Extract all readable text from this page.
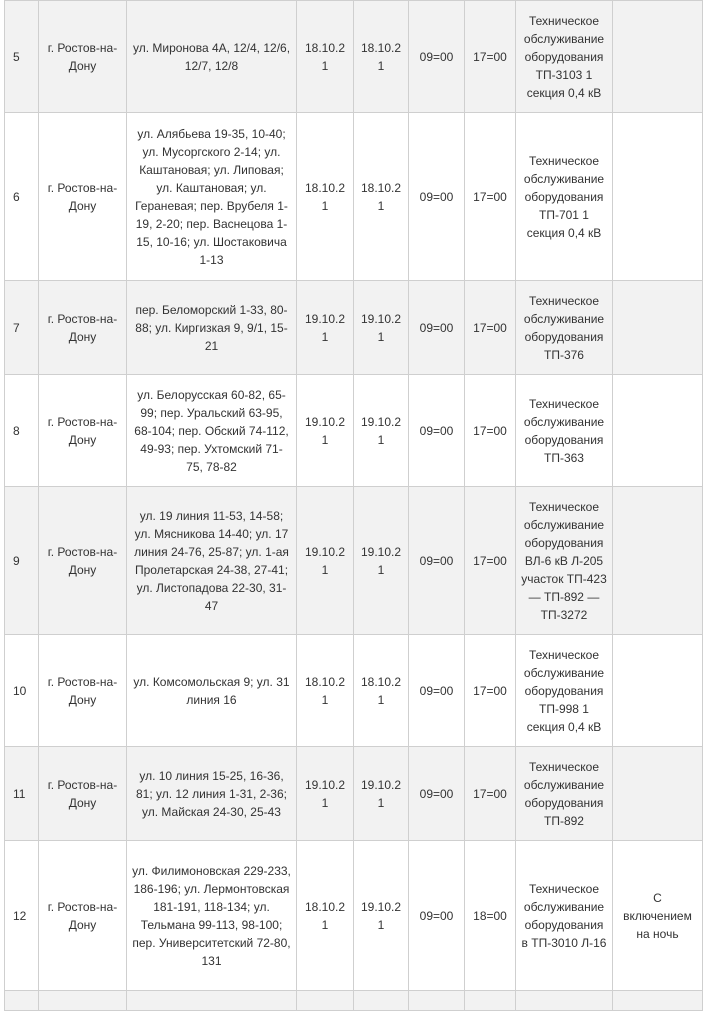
5	г. Ростов-на-Дону	ул. Миронова 4А, 12/4, 12/6, 12/7, 12/8	18.10.21	18.10.21	09=00	17=00	Техническое обслуживание оборудования ТП-3103 1 секция 0,4 кВ	
6	г. Ростов-на-Дону	ул. Алябьева 19-35, 10-40; ул. Мусоргского 2-14; ул. Каштановая; ул. Липовая; ул. Каштановая; ул. Гераневая; пер. Врубеля 1-19, 2-20; пер. Васнецова 1-15, 10-16; ул. Шостаковича 1-13	18.10.21	18.10.21	09=00	17=00	Техническое обслуживание оборудования ТП-701 1 секция 0,4 кВ	
7	г. Ростов-на-Дону	пер. Беломорский 1-33, 80-88; ул. Киргизкая 9, 9/1, 15-21	19.10.21	19.10.21	09=00	17=00	Техническое обслуживание оборудования ТП-376	
8	г. Ростов-на-Дону	ул. Белорусская 60-82, 65-99; пер. Уральский 63-95, 68-104; пер. Обский 74-112, 49-93; пер. Ухтомский 71-75, 78-82	19.10.21	19.10.21	09=00	17=00	Техническое обслуживание оборудования ТП-363	
9	г. Ростов-на-Дону	ул. 19 линия 11-53, 14-58; ул. Мясникова 14-40; ул. 17 линия 24-76, 25-87; ул. 1-ая Пролетарская 24-38, 27-41; ул. Листопадова 22-30, 31-47	19.10.21	19.10.21	09=00	17=00	Техническое обслуживание оборудования ВЛ-6 кВ Л-205 участок ТП-423 — ТП-892 — ТП-3272	
10	г. Ростов-на-Дону	ул. Комсомольская 9; ул. 31 линия 16	18.10.21	18.10.21	09=00	17=00	Техническое обслуживание оборудования ТП-998 1 секция 0,4 кВ	
11	г. Ростов-на-Дону	ул. 10 линия 15-25, 16-36, 81; ул. 12 линия 1-31, 2-36; ул. Майская 24-30, 25-43	19.10.21	19.10.21	09=00	17=00	Техническое обслуживание оборудования ТП-892	
12	г. Ростов-на-Дону	ул. Филимоновская 229-233, 186-196; ул. Лермонтовская 181-191, 118-134; ул. Тельмана 99-113, 98-100; пер. Университетский 72-80, 131	18.10.21	19.10.21	09=00	18=00	Техническое обслуживание оборудования в ТП-3010 Л-16	С включением на ночь
